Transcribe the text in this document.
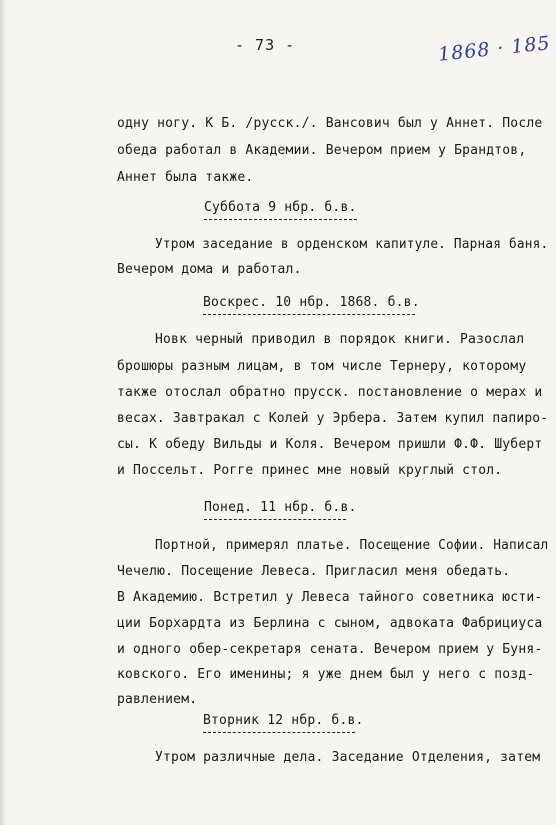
- 73 -	1868 · 185
одну ногу. К Б. /русск./. Вансович был у Аннет. После
обеда работал в Академии. Вечером прием у Брандтов,
Аннет была также.
Суббота 9 нбр. б.в.
Утром заседание в орденском капитуле. Парная баня.
Вечером дома и работал.
Воскрес. 10 нбр. 1868. б.в.
Новк черный приводил в порядок книги. Разослал
брошюры разным лицам, в том числе Тернеру, которому
также отослал обратно прусск. постановление о мерах и
весах. Завтракал с Колей у Эрбера. Затем купил папиро-
сы. К обеду Вильды и Коля. Вечером пришли Ф.Ф. Шуберт
и Поссельт. Рогге принес мне новый круглый стол.
Понед. 11 нбр. б.в.
Портной, примерял платье. Посещение Софии. Написал
Чечелю. Посещение Левеса. Пригласил меня обедать.
В Академию. Встретил у Левеса тайного советника юсти-
ции Борхардта из Берлина с сыном, адвоката Фабрициуса
и одного обер-секретаря сената. Вечером прием у Буня-
ковского. Его именины; я уже днем был у него с позд-
равлением.
Вторник 12 нбр. б.в.
Утром различные дела. Заседание Отделения, затем
